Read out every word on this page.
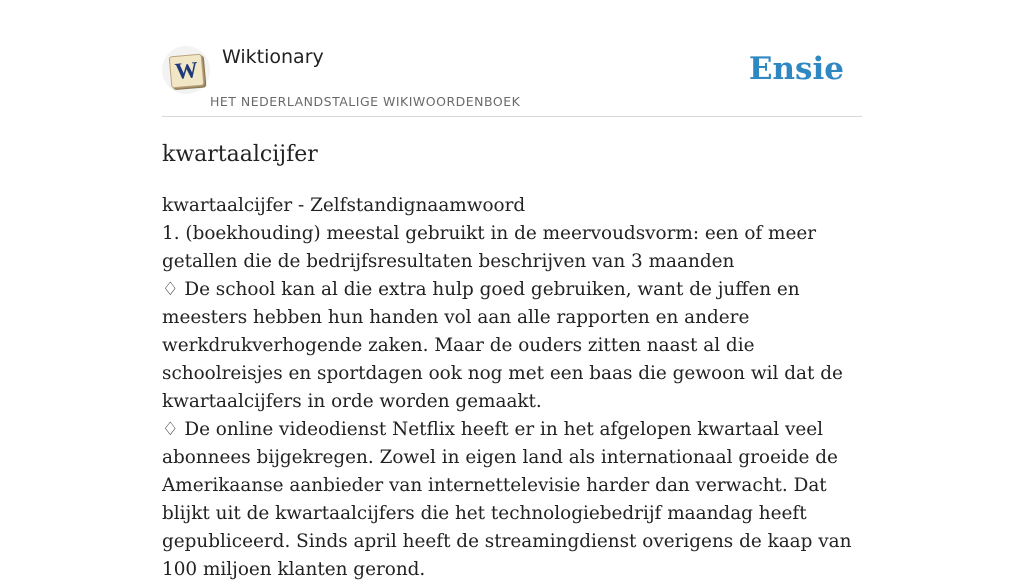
W
Wiktionary
HET NEDERLANDSTALIGE WIKIWOORDENBOEK
Ensie
kwartaalcijfer

kwartaalcijfer - Zelfstandignaamwoord

1. (boekhouding) meestal gebruikt in de meervoudsvorm: een of meer getallen die de bedrijfsresultaten beschrijven van 3 maanden

♢ De school kan al die extra hulp goed gebruiken, want de juffen en meesters hebben hun handen vol aan alle rapporten en andere werkdrukverhogende zaken. Maar de ouders zitten naast al die schoolreisjes en sportdagen ook nog met een baas die gewoon wil dat de kwartaalcijfers in orde worden gemaakt.

♢ De online videodienst Netflix heeft er in het afgelopen kwartaal veel abonnees bijgekregen. Zowel in eigen land als internationaal groeide de Amerikaanse aanbieder van internettelevisie harder dan verwacht. Dat blijkt uit de kwartaalcijfers die het technologiebedrijf maandag heeft gepubliceerd. Sinds april heeft de streamingdienst overigens de kaap van 100 miljoen klanten gerond.
